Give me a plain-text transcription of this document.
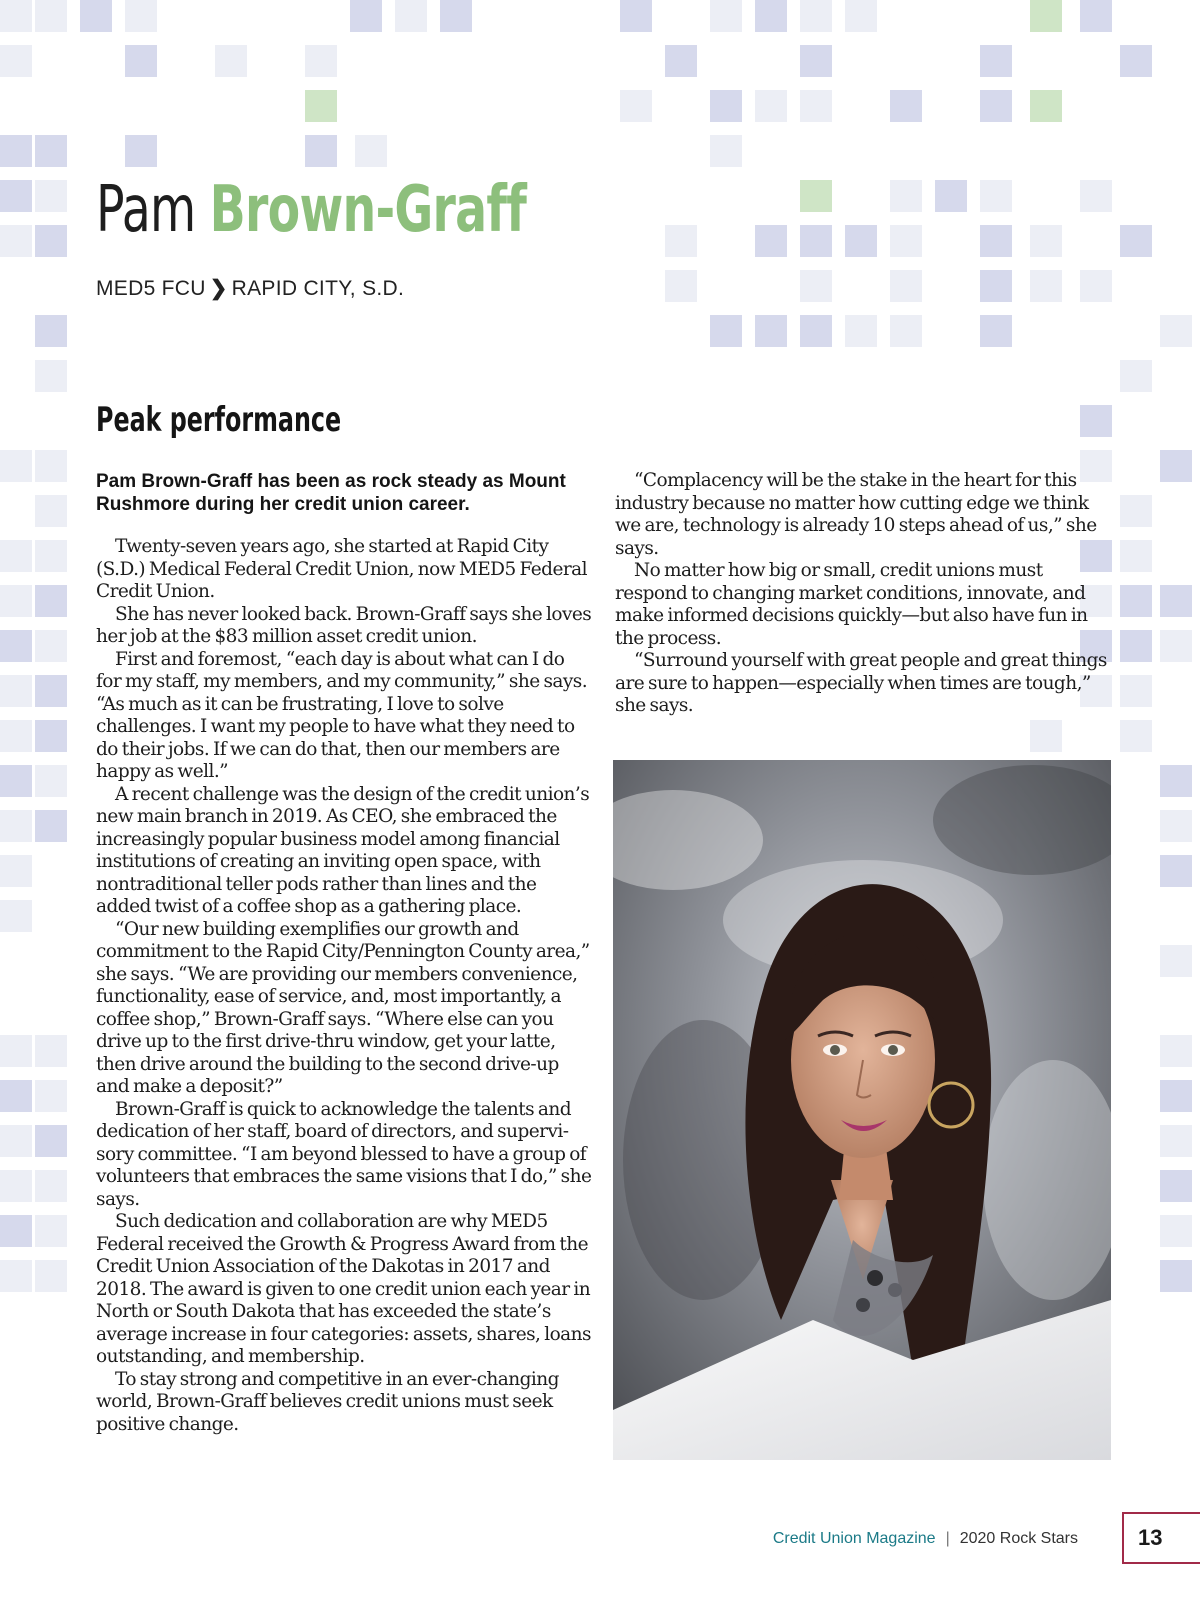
Pam Brown-Graff
MED5 FCU ❯ RAPID CITY, S.D.
Peak performance

Pam Brown-Graff has been as rock steady as Mount Rushmore during her credit union career.

Twenty-seven years ago, she started at Rapid City (S.D.) Medical Federal Credit Union, now MED5 Federal Credit Union.

She has never looked back. Brown-Graff says she loves her job at the $83 million asset credit union.

First and foremost, “each day is about what can I do for my staff, my members, and my community,” she says. “As much as it can be frustrating, I love to solve challenges. I want my people to have what they need to do their jobs. If we can do that, then our members are happy as well.”

A recent challenge was the design of the credit union’s new main branch in 2019. As CEO, she embraced the increasingly popular business model among financial institutions of creating an inviting open space, with nontraditional teller pods rather than lines and the added twist of a coffee shop as a gathering place.

“Our new building exemplifies our growth and commitment to the Rapid City/Pennington County area,” she says. “We are providing our members convenience, functionality, ease of service, and, most importantly, a coffee shop,” Brown-Graff says. “Where else can you drive up to the first drive-thru window, get your latte, then drive around the building to the second drive-up and make a deposit?”

Brown-Graff is quick to acknowledge the talents and dedication of her staff, board of directors, and supervisory committee. “I am beyond blessed to have a group of volunteers that embraces the same visions that I do,” she says.

Such dedication and collaboration are why MED5 Federal received the Growth & Progress Award from the Credit Union Association of the Dakotas in 2017 and 2018. The award is given to one credit union each year in North or South Dakota that has exceeded the state’s average increase in four categories: assets, shares, loans outstanding, and membership.

To stay strong and competitive in an ever-changing world, Brown-Graff believes credit unions must seek positive change.

“Complacency will be the stake in the heart for this industry because no matter how cutting edge we think we are, technology is already 10 steps ahead of us,” she says.

No matter how big or small, credit unions must respond to changing market conditions, innovate, and make informed decisions quickly—but also have fun in the process.

“Surround yourself with great people and great things are sure to happen—especially when times are tough,” she says.

Credit Union Magazine | 2020 Rock Stars	13
